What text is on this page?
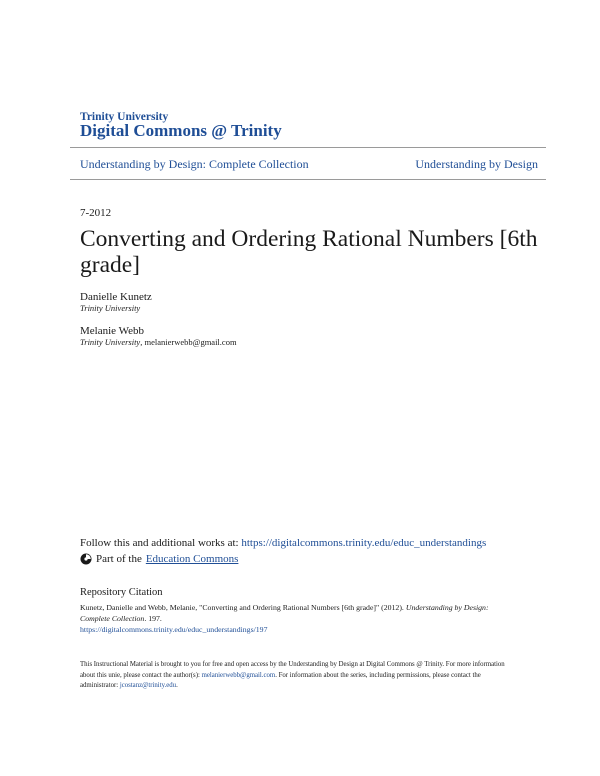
Trinity University
Digital Commons @ Trinity
Understanding by Design: Complete Collection	Understanding by Design
7-2012
Converting and Ordering Rational Numbers [6th grade]
Danielle Kunetz
Trinity University
Melanie Webb
Trinity University, melanierwebb@gmail.com
Follow this and additional works at: https://digitalcommons.trinity.edu/educ_understandings
Part of the Education Commons
Repository Citation
Kunetz, Danielle and Webb, Melanie, "Converting and Ordering Rational Numbers [6th grade]" (2012). Understanding by Design: Complete Collection. 197.
https://digitalcommons.trinity.edu/educ_understandings/197
This Instructional Material is brought to you for free and open access by the Understanding by Design at Digital Commons @ Trinity. For more information about this unie, please contact the author(s): melanierwebb@gmail.com. For information about the series, including permissions, please contact the administrator: jcostanz@trinity.edu.
